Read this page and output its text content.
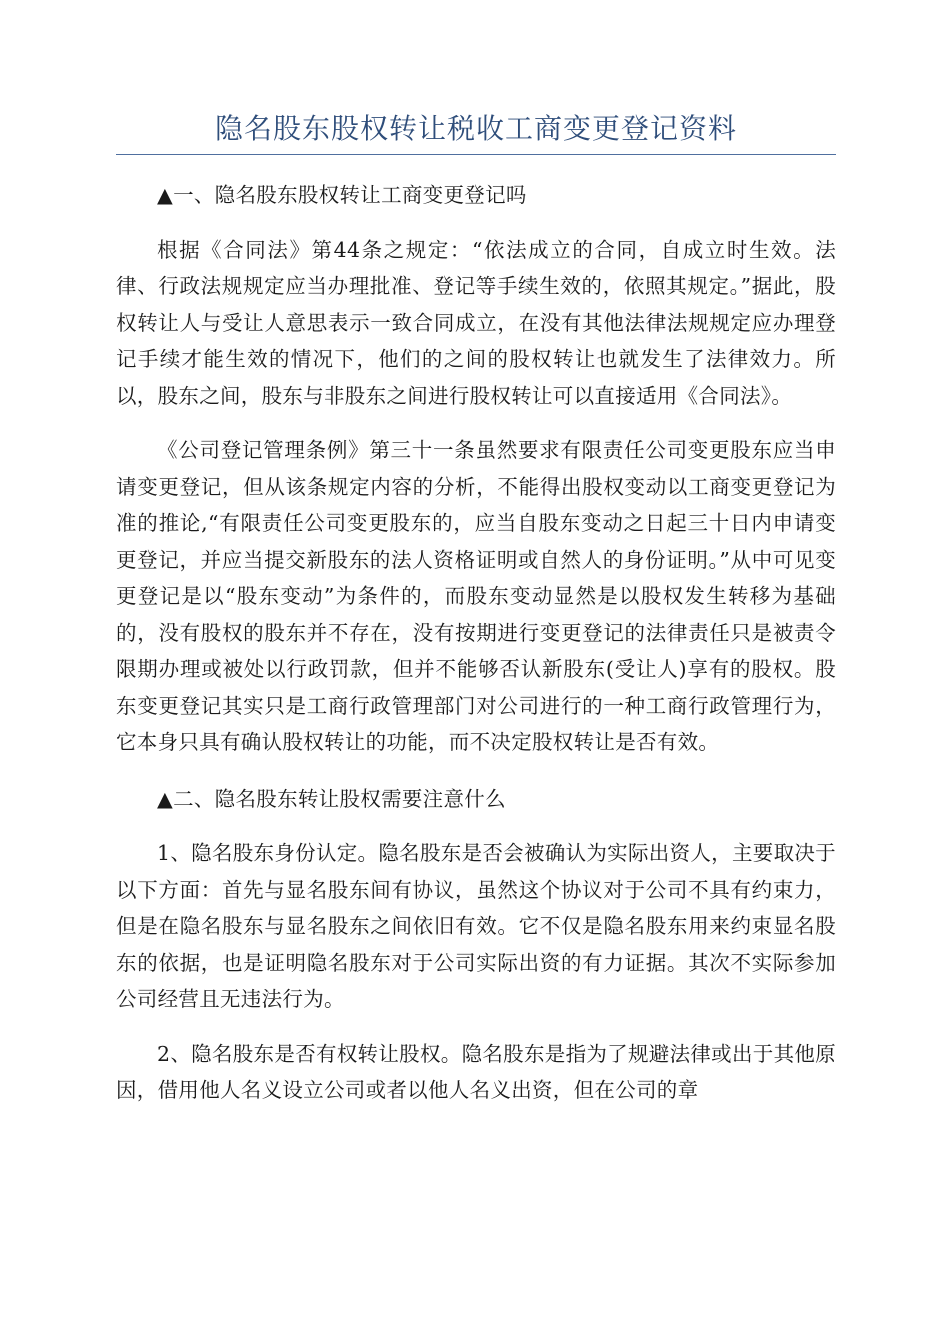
隐名股东股权转让税收工商变更登记资料

▲一、隐名股东股权转让工商变更登记吗

根据《合同法》第44条之规定：“依法成立的合同，自成立时生效。法律、行政法规规定应当办理批准、登记等手续生效的，依照其规定。”据此，股权转让人与受让人意思表示一致合同成立，在没有其他法律法规规定应办理登记手续才能生效的情况下，他们的之间的股权转让也就发生了法律效力。所以，股东之间，股东与非股东之间进行股权转让可以直接适用《合同法》。

《公司登记管理条例》第三十一条虽然要求有限责任公司变更股东应当申请变更登记，但从该条规定内容的分析，不能得出股权变动以工商变更登记为准的推论,“有限责任公司变更股东的，应当自股东变动之日起三十日内申请变更登记，并应当提交新股东的法人资格证明或自然人的身份证明。”从中可见变更登记是以“股东变动”为条件的，而股东变动显然是以股权发生转移为基础的，没有股权的股东并不存在，没有按期进行变更登记的法律责任只是被责令限期办理或被处以行政罚款，但并不能够否认新股东(受让人)享有的股权。股东变更登记其实只是工商行政管理部门对公司进行的一种工商行政管理行为，它本身只具有确认股权转让的功能，而不决定股权转让是否有效。

▲二、隐名股东转让股权需要注意什么

1、隐名股东身份认定。隐名股东是否会被确认为实际出资人，主要取决于以下方面：首先与显名股东间有协议，虽然这个协议对于公司不具有约束力，但是在隐名股东与显名股东之间依旧有效。它不仅是隐名股东用来约束显名股东的依据，也是证明隐名股东对于公司实际出资的有力证据。其次不实际参加公司经营且无违法行为。

2、隐名股东是否有权转让股权。隐名股东是指为了规避法律或出于其他原因，借用他人名义设立公司或者以他人名义出资，但在公司的章
